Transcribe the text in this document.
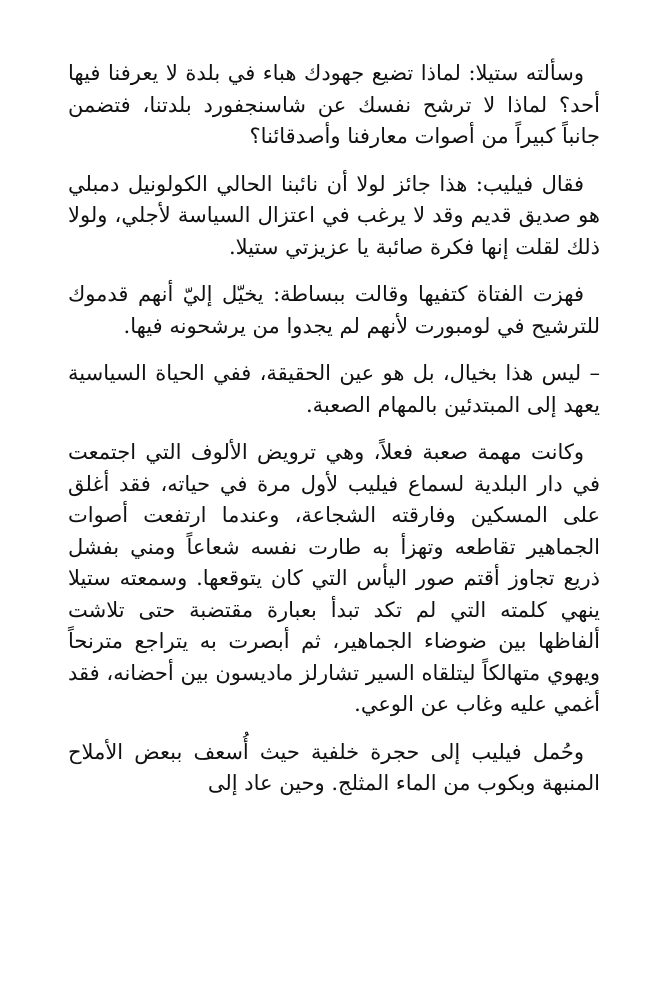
وسألته ستيلا: لماذا تضيع جهودك هباء في بلدة لا يعرفنا فيها أحد؟ لماذا لا ترشح نفسك عن شاسنجفورد بلدتنا، فتضمن جانباً كبيراً من أصوات معارفنا وأصدقائنا؟

فقال فيليب: هذا جائز لولا أن نائبنا الحالي الكولونيل دمبلي هو صديق قديم وقد لا يرغب في اعتزال السياسة لأجلي، ولولا ذلك لقلت إنها فكرة صائبة يا عزيزتي ستيلا.

فهزت الفتاة كتفيها وقالت ببساطة: يخيّل إليّ أنهم قدموك للترشيح في لومبورت لأنهم لم يجدوا من يرشحونه فيها.

– ليس هذا بخيال، بل هو عين الحقيقة، ففي الحياة السياسية يعهد إلى المبتدئين بالمهام الصعبة.

وكانت مهمة صعبة فعلاً، وهي ترويض الألوف التي اجتمعت في دار البلدية لسماع فيليب لأول مرة في حياته، فقد أغلق على المسكين وفارقته الشجاعة، وعندما ارتفعت أصوات الجماهير تقاطعه وتهزأ به طارت نفسه شعاعاً ومني بفشل ذريع تجاوز أقتم صور اليأس التي كان يتوقعها. وسمعته ستيلا ينهي كلمته التي لم تكد تبدأ بعبارة مقتضبة حتى تلاشت ألفاظها بين ضوضاء الجماهير، ثم أبصرت به يتراجع مترنحاً ويهوي متهالكاً ليتلقاه السير تشارلز ماديسون بين أحضانه، فقد أغمي عليه وغاب عن الوعي.

وحُمل فيليب إلى حجرة خلفية حيث أُسعف ببعض الأملاح المنبهة وبكوب من الماء المثلج. وحين عاد إلى
